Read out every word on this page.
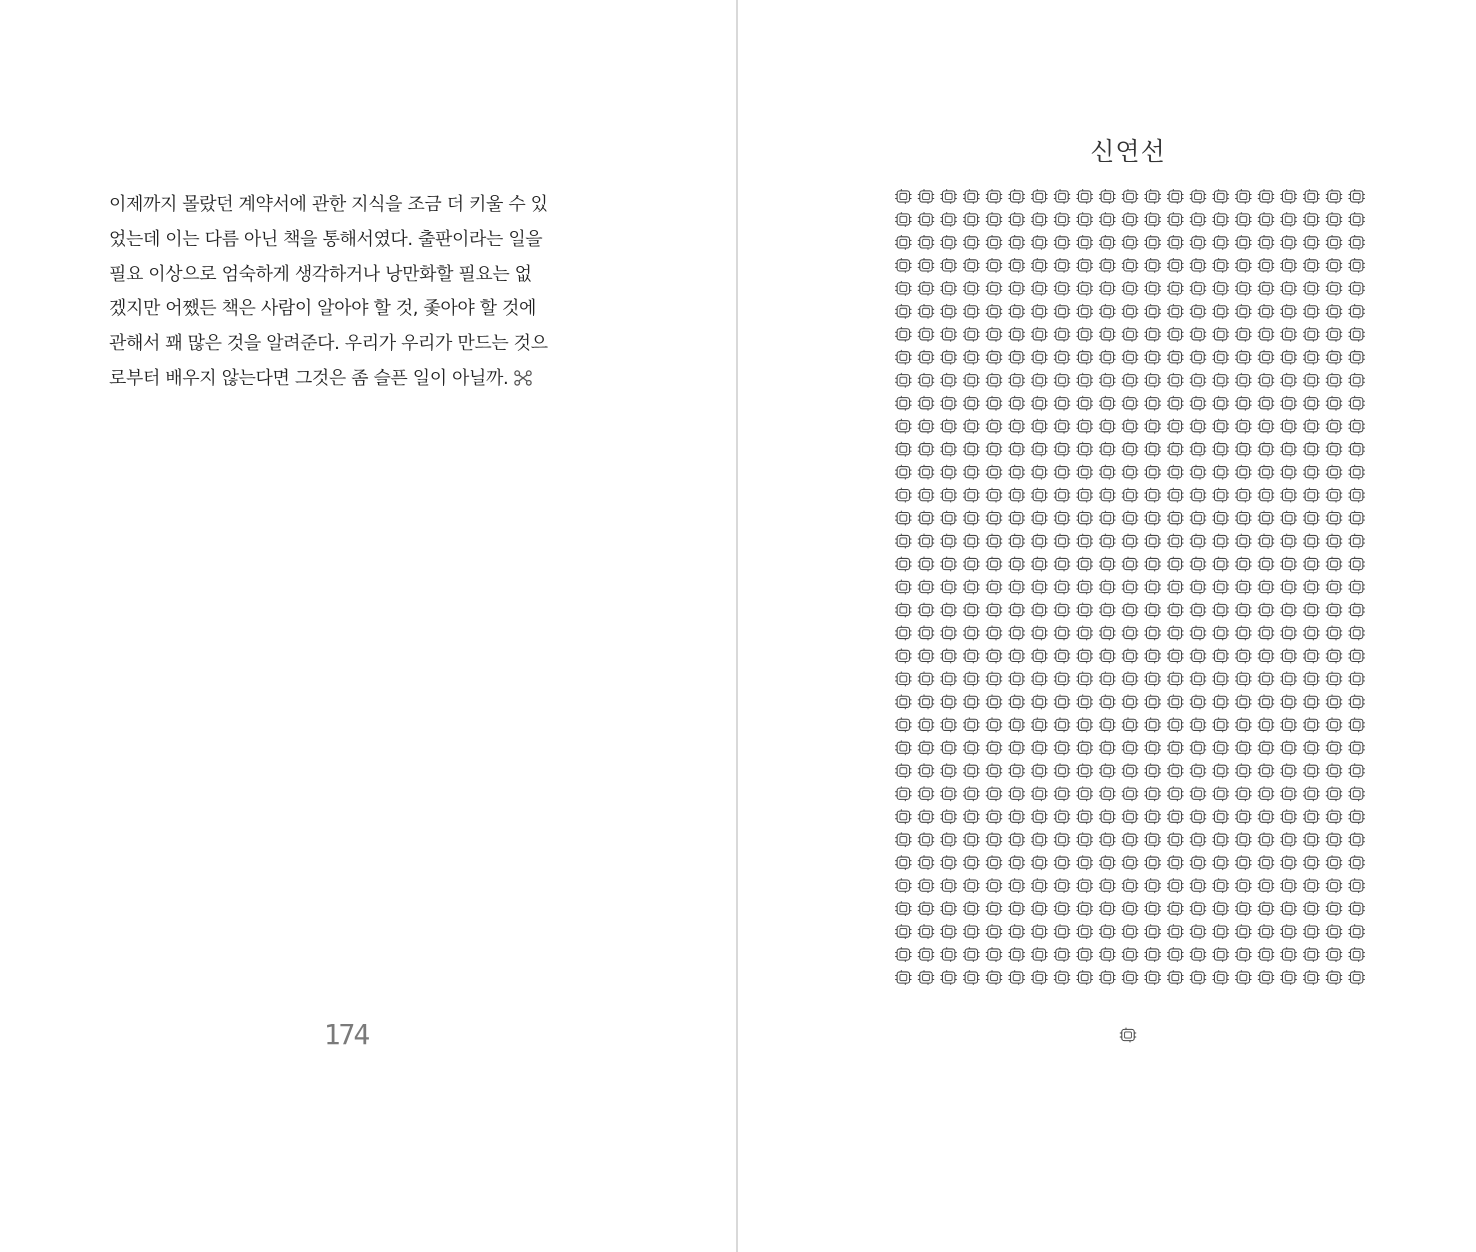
이제까지 몰랐던 계약서에 관한 지식을 조금 더 키울 수 있
었는데 이는 다름 아닌 책을 통해서였다. 출판이라는 일을
필요 이상으로 엄숙하게 생각하거나 낭만화할 필요는 없
겠지만 어쨌든 책은 사람이 알아야 할 것, 좇아야 할 것에
관해서 꽤 많은 것을 알려준다. 우리가 우리가 만드는 것으
로부터 배우지 않는다면 그것은 좀 슬픈 일이 아닐까.

174
신연선
